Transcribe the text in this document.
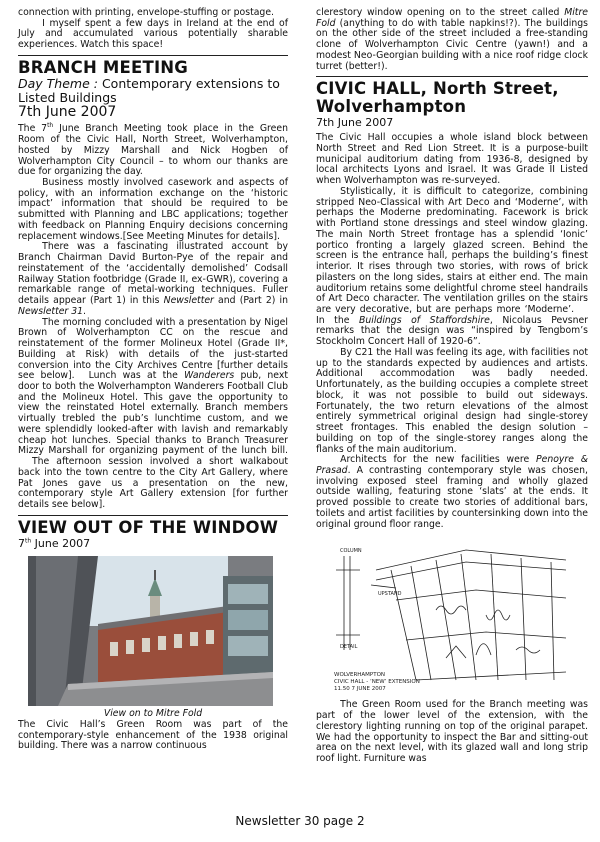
connection with printing, envelope-stuffing or postage.

I myself spent a few days in Ireland at the end of July and accumulated various potentially sharable experiences. Watch this space!

BRANCH MEETING
Day Theme : Contemporary extensions to Listed Buildings
7th June 2007

The 7th June Branch Meeting took place in the Green Room of the Civic Hall, North Street, Wolverhampton, hosted by Mizzy Marshall and Nick Hogben of Wolverhampton City Council – to whom our thanks are due for organizing the day.

Business mostly involved casework and aspects of policy, with an information exchange on the ‘historic impact’ information that should be required to be submitted with Planning and LBC applications; together with feedback on Planning Enquiry decisions concerning replacement windows.[See Meeting Minutes for details].

There was a fascinating illustrated account by Branch Chairman David Burton-Pye of the repair and reinstatement of the ‘accidentally demolished’ Codsall Railway Station footbridge (Grade II, ex-GWR), covering a remarkable range of metal-working techniques. Fuller details appear (Part 1) in this Newsletter and (Part 2) in Newsletter 31.

The morning concluded with a presentation by Nigel Brown of Wolverhampton CC on the rescue and reinstatement of the former Molineux Hotel (Grade II*, Building at Risk) with details of the just-started conversion into the City Archives Centre [further details see below]. Lunch was at the Wanderers pub, next door to both the Wolverhampton Wanderers Football Club and the Molineux Hotel. This gave the opportunity to view the reinstated Hotel externally. Branch members virtually trebled the pub’s lunchtime custom, and we were splendidly looked-after with lavish and remarkably cheap hot lunches. Special thanks to Branch Treasurer Mizzy Marshall for organizing payment of the lunch bill.The afternoon session involved a short walkabout back into the town centre to the City Art Gallery, where Pat Jones gave us a presentation on the new, contemporary style Art Gallery extension [for further details see below].

VIEW OUT OF THE WINDOW
7th June 2007
View on to Mitre Fold

The Civic Hall’s Green Room was part of the contemporary-style enhancement of the 1938 original building. There was a narrow continuous

clerestory window opening on to the street called Mitre Fold (anything to do with table napkins!?). The buildings on the other side of the street included a free-standing clone of Wolverhampton Civic Centre (yawn!) and a modest Neo-Georgian building with a nice roof ridge clock turret (better!).

CIVIC HALL, North Street, Wolverhampton
7th June 2007

The Civic Hall occupies a whole island block between North Street and Red Lion Street. It is a purpose-built municipal auditorium dating from 1936-8, designed by local architects Lyons and Israel. It was Grade II Listed when Wolverhampton was re-surveyed.

Stylistically, it is difficult to categorize, combining stripped Neo-Classical with Art Deco and ‘Moderne’, with perhaps the Moderne predominating. Facework is brick with Portland stone dressings and steel window glazing. The main North Street frontage has a splendid ‘Ionic’ portico fronting a largely glazed screen. Behind the screen is the entrance hall, perhaps the building’s finest interior. It rises through two stories, with rows of brick pilasters on the long sides, stairs at either end. The main auditorium retains some delightful chrome steel handrails of Art Deco character. The ventilation grilles on the stairs are very decorative, but are perhaps more ‘Moderne’.In the Buildings of Staffordshire, Nicolaus Pevsner remarks that the design was “inspired by Tengbom’s Stockholm Concert Hall of 1920-6”.

By C21 the Hall was feeling its age, with facilities not up to the standards expected by audiences and artists. Additional accommodation was badly needed. Unfortunately, as the building occupies a complete street block, it was not possible to build out sideways. Fortunately, the two return elevations of the almost entirely symmetrical original design had single-storey street frontages. This enabled the design solution – building on top of the single-storey ranges along the flanks of the main auditorium.

Architects for the new facilities were Penoyre & Prasad. A contrasting contemporary style was chosen, involving exposed steel framing and wholly glazed outside walling, featuring stone ‘slats’ at the ends. It proved possible to create two stories of additional bars, toilets and artist facilities by countersinking down into the original ground floor range.

COLUMN
UPSTAND
DETAIL
WOLVERHAMPTON
CIVIC HALL - ‘NEW’ EXTENSION
11.50 7 JUNE 2007

The Green Room used for the Branch meeting was part of the lower level of the extension, with the clerestory lighting running on top of the original parapet. We had the opportunity to inspect the Bar and sitting-out area on the next level, with its glazed wall and long strip roof light. Furniture was

Newsletter 30 page 2
